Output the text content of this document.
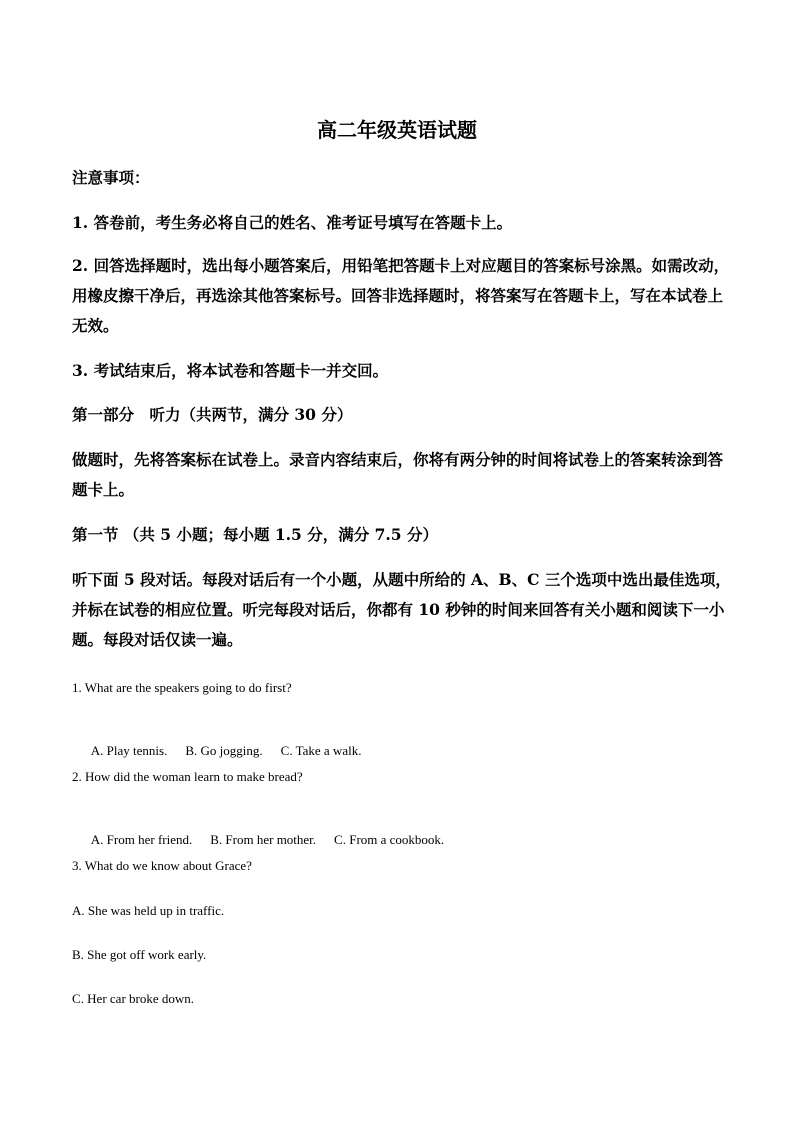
高二年级英语试题

注意事项：

1. 答卷前，考生务必将自己的姓名、准考证号填写在答题卡上。

2. 回答选择题时，选出每小题答案后，用铅笔把答题卡上对应题目的答案标号涂黑。如需改动，用橡皮擦干净后，再选涂其他答案标号。回答非选择题时，将答案写在答题卡上，写在本试卷上无效。

3. 考试结束后，将本试卷和答题卡一并交回。

第一部分　听力（共两节，满分 30 分）

做题时，先将答案标在试卷上。录音内容结束后，你将有两分钟的时间将试卷上的答案转涂到答题卡上。

第一节 （共 5 小题；每小题 1.5 分，满分 7.5 分）

听下面 5 段对话。每段对话后有一个小题，从题中所给的 A、B、C 三个选项中选出最佳选项，并标在试卷的相应位置。听完每段对话后，你都有 10 秒钟的时间来回答有关小题和阅读下一小题。每段对话仅读一遍。

1. What are the speakers going to do first?

A. Play tennis. B. Go jogging. C. Take a walk.

2. How did the woman learn to make bread?

A. From her friend. B. From her mother. C. From a cookbook.

3. What do we know about Grace?

A. She was held up in traffic.

B. She got off work early.

C. Her car broke down.
